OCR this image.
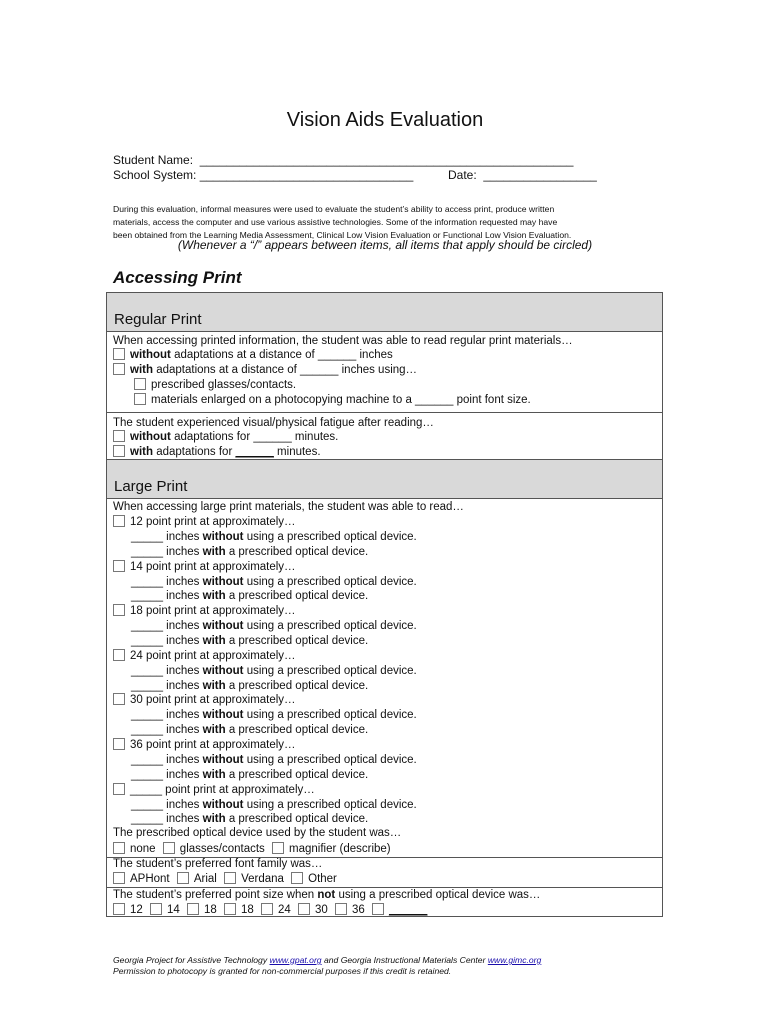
Vision Aids Evaluation
Student Name:  ________________________________________________________
School System: ________________________________	Date:  _________________
During this evaluation, informal measures were used to evaluate the student’s ability to access print, produce written
materials, access the computer and use various assistive technologies. Some of the information requested may have
been obtained from the Learning Media Assessment, Clinical Low Vision Evaluation or Functional Low Vision Evaluation.
(Whenever a “/” appears between items, all items that apply should be circled)
Accessing Print
Regular Print
When accessing printed information, the student was able to read regular print materials…
without adaptations at a distance of ______ inches
with adaptations at a distance of ______ inches using…
prescribed glasses/contacts.
materials enlarged on a photocopying machine to a ______ point font size.
The student experienced visual/physical fatigue after reading…
without adaptations for ______ minutes.
with adaptations for ______ minutes.
Large Print
When accessing large print materials, the student was able to read…
12 point print at approximately…
_____ inches without using a prescribed optical device.
_____ inches with a prescribed optical device.
14 point print at approximately…
_____ inches without using a prescribed optical device.
_____ inches with a prescribed optical device.
18 point print at approximately…
_____ inches without using a prescribed optical device.
_____ inches with a prescribed optical device.
24 point print at approximately…
_____ inches without using a prescribed optical device.
_____ inches with a prescribed optical device.
30 point print at approximately…
_____ inches without using a prescribed optical device.
_____ inches with a prescribed optical device.
36 point print at approximately…
_____ inches without using a prescribed optical device.
_____ inches with a prescribed optical device.
_____ point print at approximately…
_____ inches without using a prescribed optical device.
_____ inches with a prescribed optical device.
The prescribed optical device used by the student was…
none glasses/contacts magnifier (describe)
The student’s preferred font family was…
APHont Arial Verdana Other
The student’s preferred point size when not using a prescribed optical device was…
12 14 18 18 24 30 36 ______
Georgia Project for Assistive Technology www.gpat.org and Georgia Instructional Materials Center www.gimc.org
Permission to photocopy is granted for non-commercial purposes if this credit is retained.
